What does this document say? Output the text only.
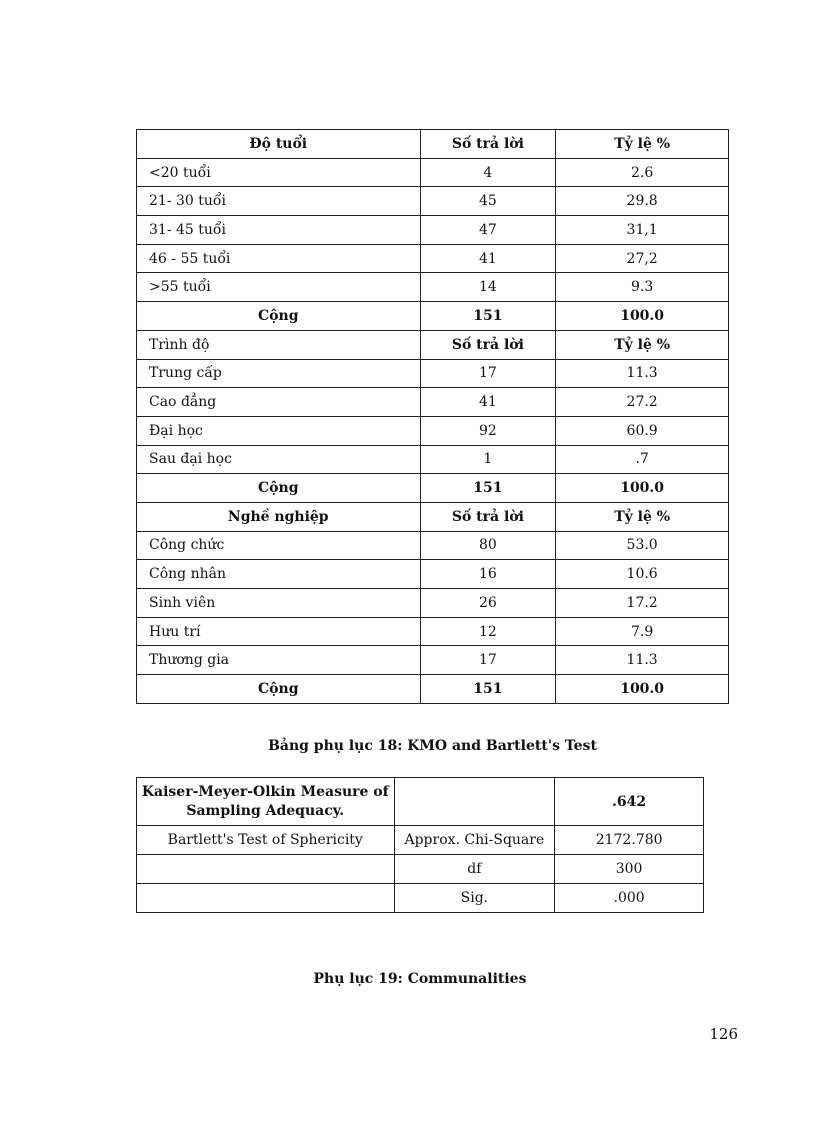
Độ tuổi	Số trả lời	Tỷ lệ %
<20 tuổi	4	2.6
21- 30 tuổi	45	29.8
31- 45 tuổi	47	31,1
46 - 55 tuổi	41	27,2
>55 tuổi	14	9.3
Cộng	151	100.0
Trình độ	Số trả lời	Tỷ lệ %
Trung cấp	17	11.3
Cao đẳng	41	27.2
Đại học	92	60.9
Sau đại học	1	.7
Cộng	151	100.0
Nghề nghiệp	Số trả lời	Tỷ lệ %
Công chức	80	53.0
Công nhân	16	10.6
Sinh viên	26	17.2
Hưu trí	12	7.9
Thương gia	17	11.3
Cộng	151	100.0
Bảng phụ lục 18: KMO and Bartlett's Test
Kaiser-Meyer-Olkin Measure of Sampling Adequacy.		.642
Bartlett's Test of Sphericity	Approx. Chi-Square	2172.780
	df	300
	Sig.	.000
Phụ lục 19: Communalities
126
